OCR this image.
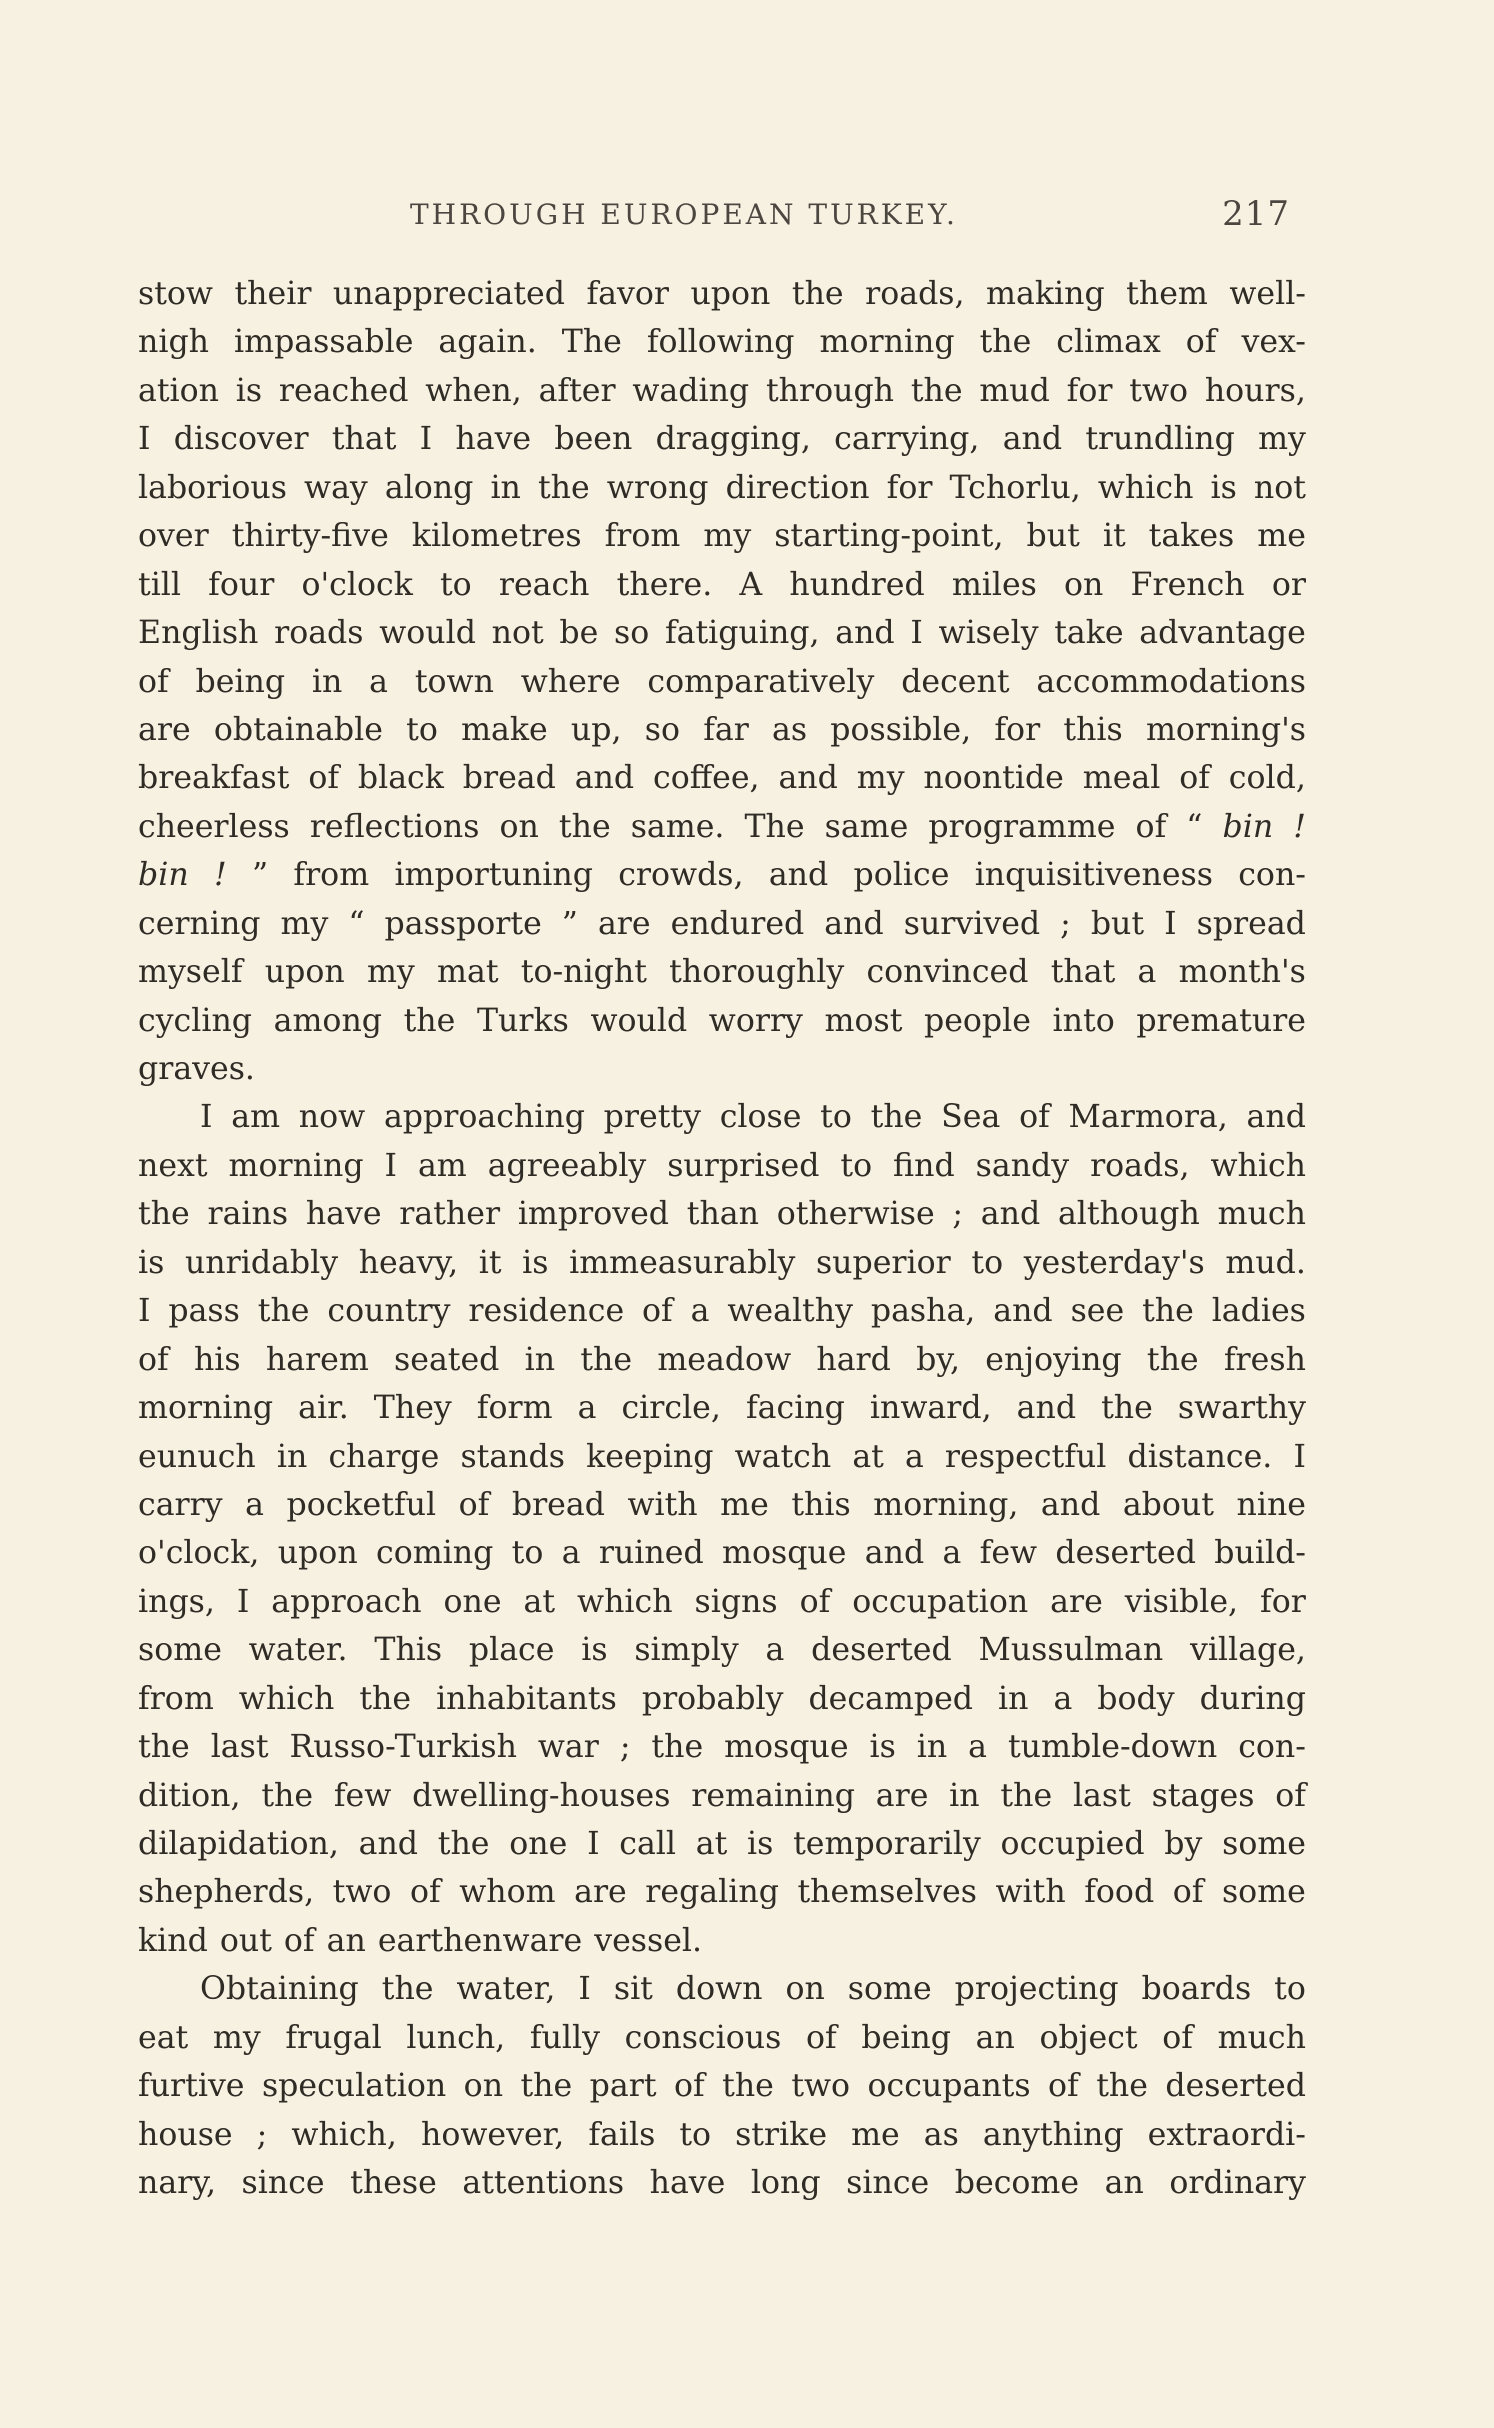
THROUGH EUROPEAN TURKEY.	217
stow their unappreciated favor upon the roads, making them well-
nigh impassable again. The following morning the climax of vex-
ation is reached when, after wading through the mud for two hours,
I discover that I have been dragging, carrying, and trundling my
laborious way along in the wrong direction for Tchorlu, which is not
over thirty-five kilometres from my starting-point, but it takes me
till four o'clock to reach there. A hundred miles on French or
English roads would not be so fatiguing, and I wisely take advantage
of being in a town where comparatively decent accommodations
are obtainable to make up, so far as possible, for this morning's
breakfast of black bread and coffee, and my noontide meal of cold,
cheerless reflections on the same. The same programme of “ bin !
bin ! ” from importuning crowds, and police inquisitiveness con-
cerning my “ passporte ” are endured and survived ; but I spread
myself upon my mat to-night thoroughly convinced that a month's
cycling among the Turks would worry most people into premature
graves.
I am now approaching pretty close to the Sea of Marmora, and
next morning I am agreeably surprised to find sandy roads, which
the rains have rather improved than otherwise ; and although much
is unridably heavy, it is immeasurably superior to yesterday's mud.
I pass the country residence of a wealthy pasha, and see the ladies
of his harem seated in the meadow hard by, enjoying the fresh
morning air. They form a circle, facing inward, and the swarthy
eunuch in charge stands keeping watch at a respectful distance. I
carry a pocketful of bread with me this morning, and about nine
o'clock, upon coming to a ruined mosque and a few deserted build-
ings, I approach one at which signs of occupation are visible, for
some water. This place is simply a deserted Mussulman village,
from which the inhabitants probably decamped in a body during
the last Russo-Turkish war ; the mosque is in a tumble-down con-
dition, the few dwelling-houses remaining are in the last stages of
dilapidation, and the one I call at is temporarily occupied by some
shepherds, two of whom are regaling themselves with food of some
kind out of an earthenware vessel.
Obtaining the water, I sit down on some projecting boards to
eat my frugal lunch, fully conscious of being an object of much
furtive speculation on the part of the two occupants of the deserted
house ; which, however, fails to strike me as anything extraordi-
nary, since these attentions have long since become an ordinary
